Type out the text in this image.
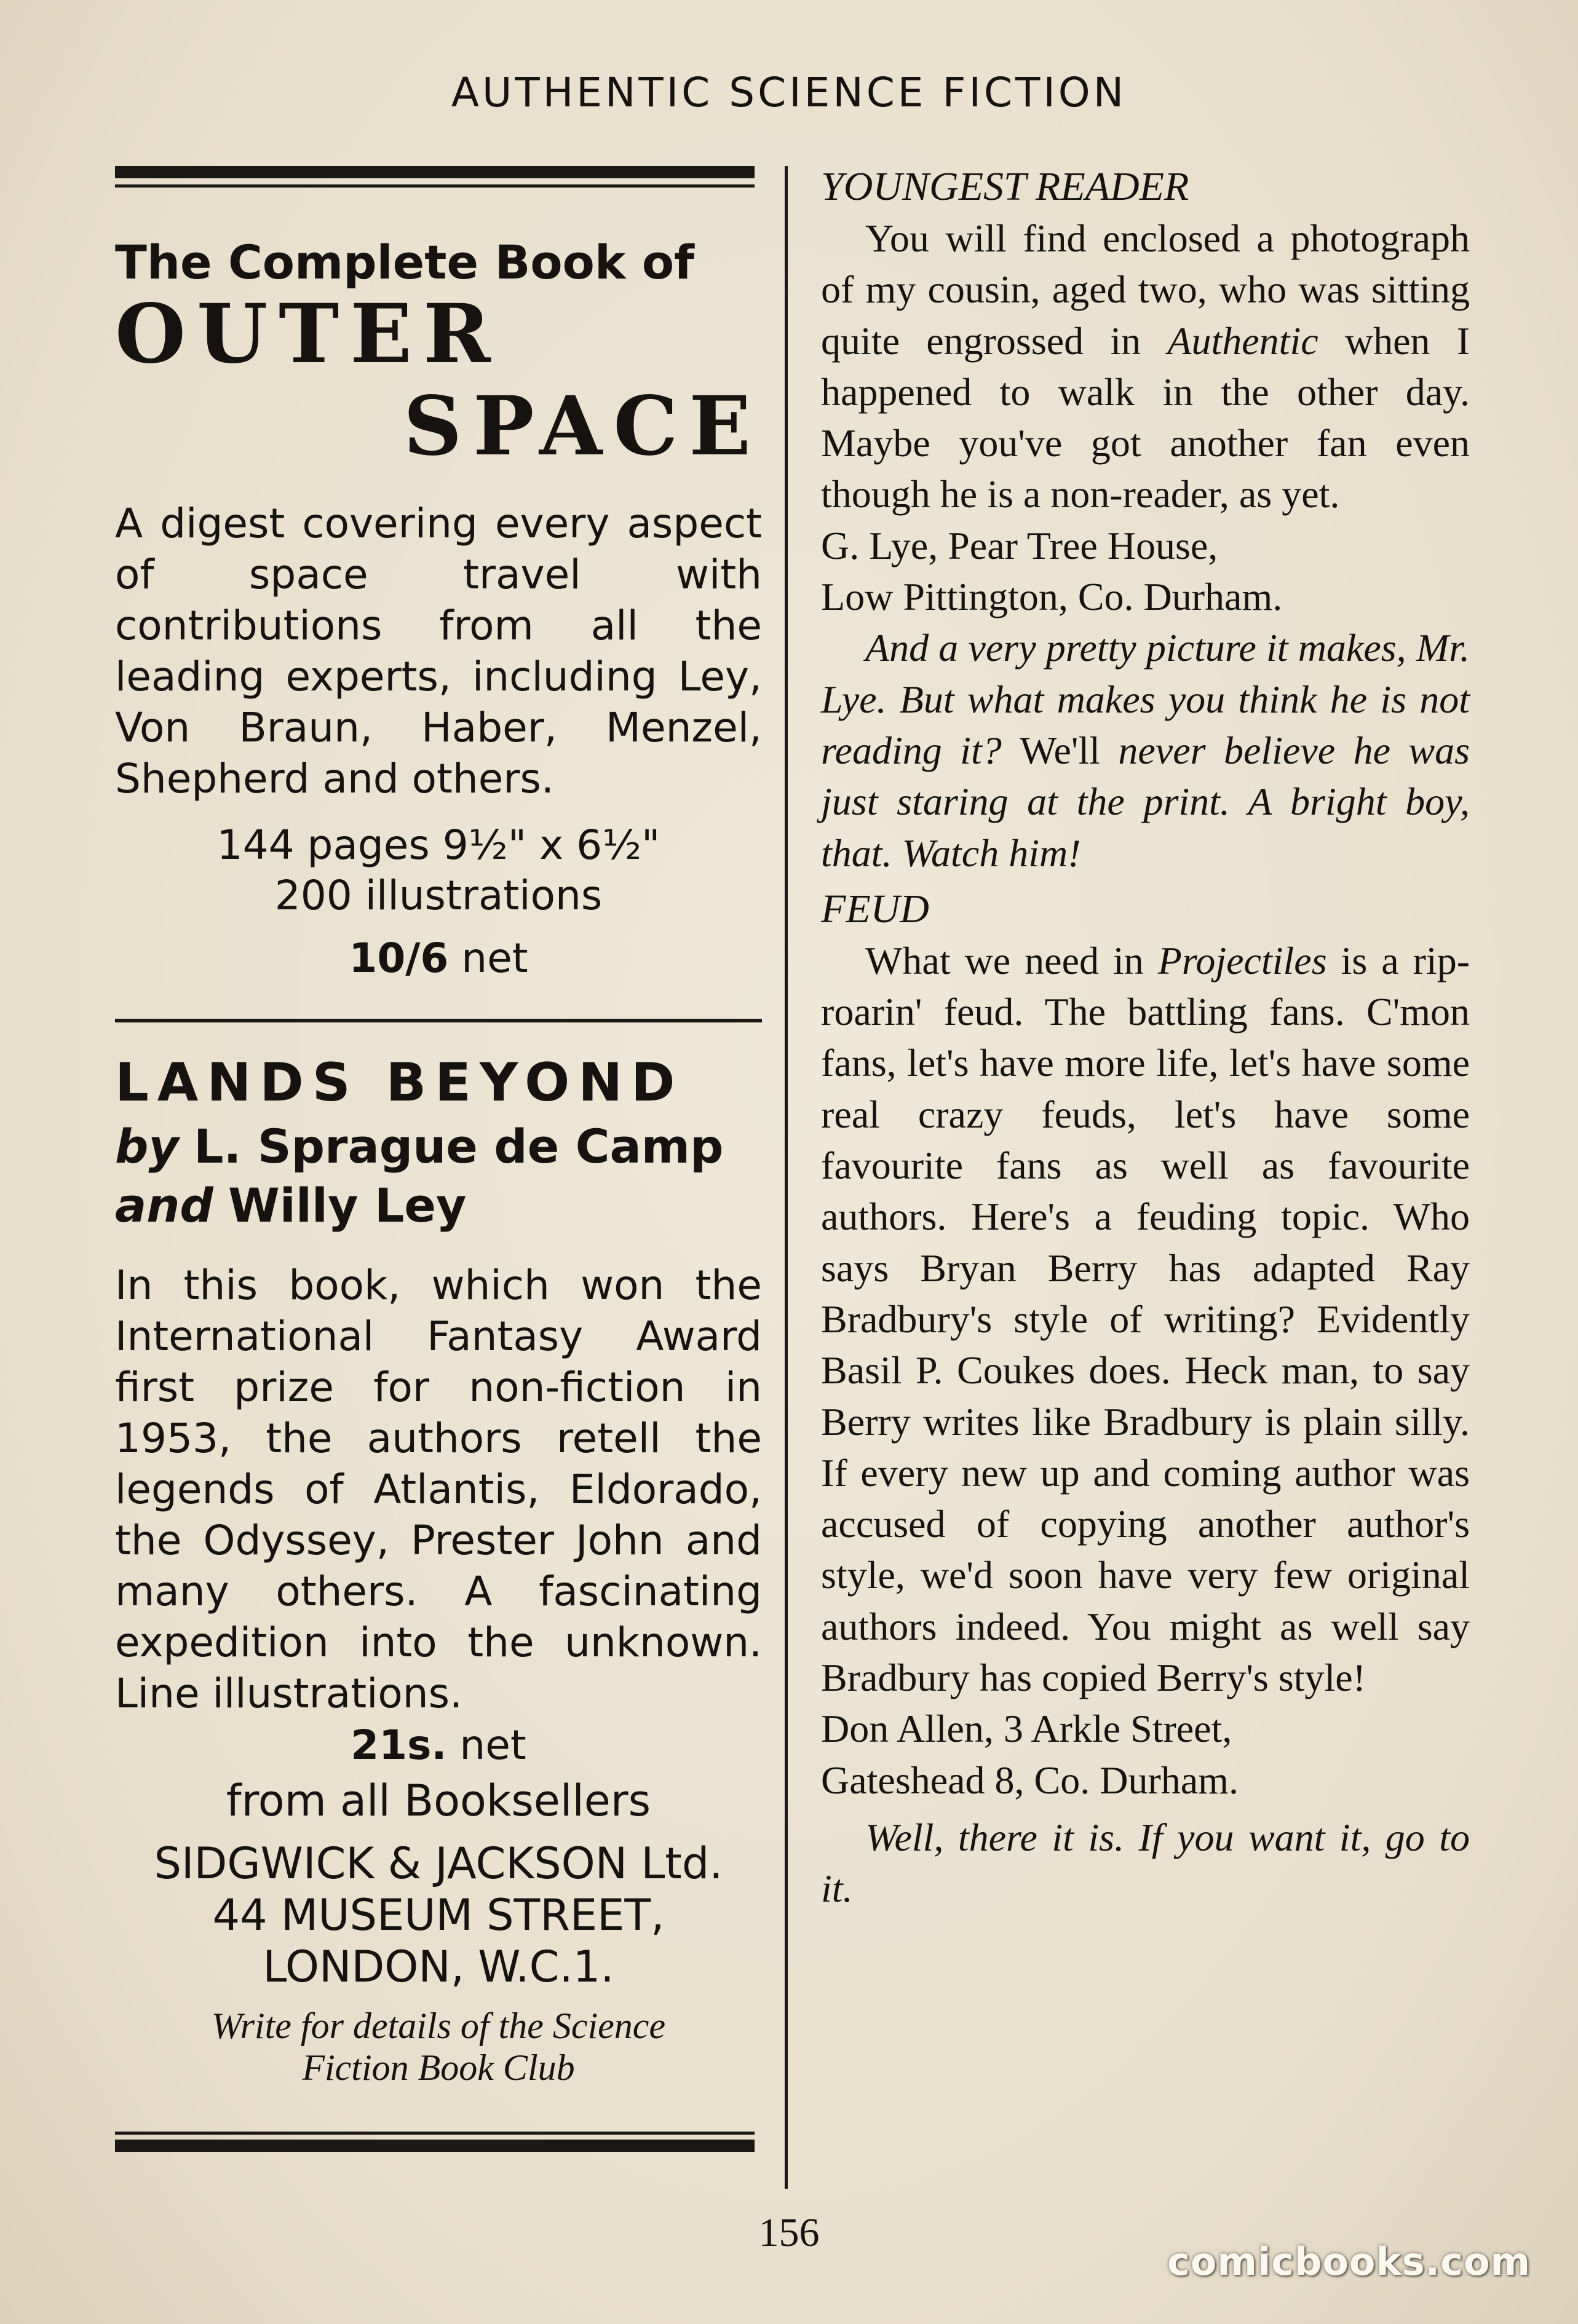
AUTHENTIC SCIENCE FICTION
The Complete Book of
OUTER
SPACE
A digest covering every aspect of space travel with contributions from all the leading experts, including Ley, Von Braun, Haber, Menzel, Shepherd and others.
144 pages 9½" x 6½"
200 illustrations
10/6 net
LANDS BEYOND
by L. Sprague de Camp
and Willy Ley
In this book, which won the International Fantasy Award first prize for non-fiction in 1953, the authors retell the legends of Atlantis, Eldorado, the Odyssey, Prester John and many others. A fascinating expedition into the unknown. Line illustrations.
21s. net
from all Booksellers
SIDGWICK & JACKSON Ltd.
44 MUSEUM STREET,
LONDON, W.C.1.
Write for details of the Science
Fiction Book Club
YOUNGEST READER
You will find enclosed a photograph of my cousin, aged two, who was sitting quite engrossed in Authentic when I happened to walk in the other day. Maybe you've got another fan even though he is a non-reader, as yet.
G. Lye, Pear Tree House,
Low Pittington, Co. Durham.
And a very pretty picture it makes, Mr. Lye. But what makes you think he is not reading it? We'll never believe he was just staring at the print. A bright boy, that. Watch him!
FEUD
What we need in Projectiles is a rip-roarin' feud. The battling fans. C'mon fans, let's have more life, let's have some real crazy feuds, let's have some favourite fans as well as favourite authors. Here's a feuding topic. Who says Bryan Berry has adapted Ray Bradbury's style of writing? Evidently Basil P. Coukes does. Heck man, to say Berry writes like Bradbury is plain silly. If every new up and coming author was accused of copying another author's style, we'd soon have very few original authors indeed. You might as well say Bradbury has copied Berry's style!
Don Allen, 3 Arkle Street,
Gateshead 8, Co. Durham.
Well, there it is. If you want it, go to it.
156
comicbooks.com
